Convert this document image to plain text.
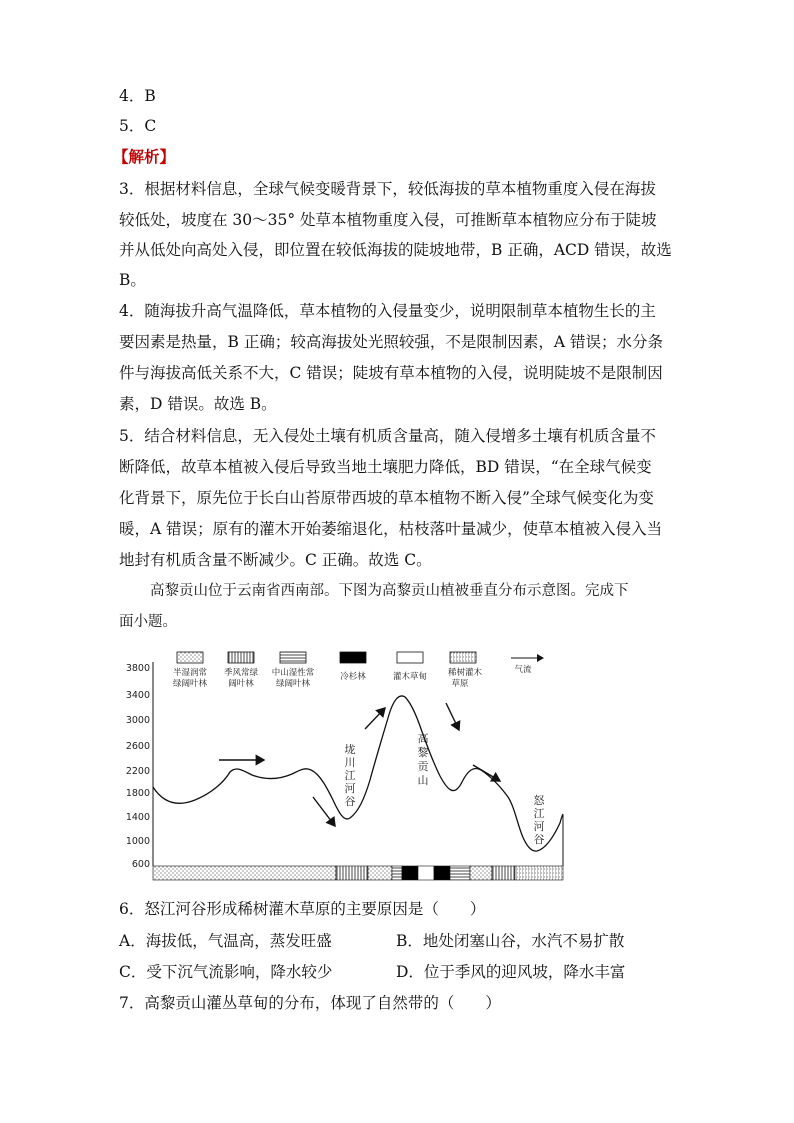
4．B
5．C
【解析】
3．根据材料信息，全球气候变暖背景下，较低海拔的草本植物重度入侵在海拔
较低处，坡度在 30～35° 处草本植物重度入侵，可推断草本植物应分布于陡坡
并从低处向高处入侵，即位置在较低海拔的陡坡地带，B 正确，ACD 错误，故选
B。
4．随海拔升高气温降低，草本植物的入侵量变少，说明限制草本植物生长的主
要因素是热量，B 正确；较高海拔处光照较强，不是限制因素，A 错误；水分条
件与海拔高低关系不大，C 错误；陡坡有草本植物的入侵，说明陡坡不是限制因
素，D 错误。故选 B。
5．结合材料信息，无入侵处土壤有机质含量高，随入侵增多土壤有机质含量不
断降低，故草本植被入侵后导致当地土壤肥力降低，BD 错误，“在全球气候变
化背景下，原先位于长白山苔原带西坡的草本植物不断入侵”全球气候变化为变
暖，A 错误；原有的灌木开始萎缩退化，枯枝落叶量减少，使草本植被入侵入当
地封有机质含量不断减少。C 正确。故选 C。
高黎贡山位于云南省西南部。下图为高黎贡山植被垂直分布示意图。完成下
面小题。
3800
3400
3000
2600
2200
1800
1400
1000
600
半湿润常
绿阔叶林
季风常绿
阔叶林
中山湿性常
绿阔叶林
冷杉林	灌木草甸 稀树灌木
草原
气流
垅
川
江
河
谷
高
黎
贡
山
怒
江
河
谷
6．怒江河谷形成稀树灌木草原的主要原因是（　　）
A．海拔低，气温高，蒸发旺盛	B．地处闭塞山谷，水汽不易扩散
C．受下沉气流影响，降水较少	D．位于季风的迎风坡，降水丰富
7．高黎贡山灌丛草甸的分布，体现了自然带的（　　）
